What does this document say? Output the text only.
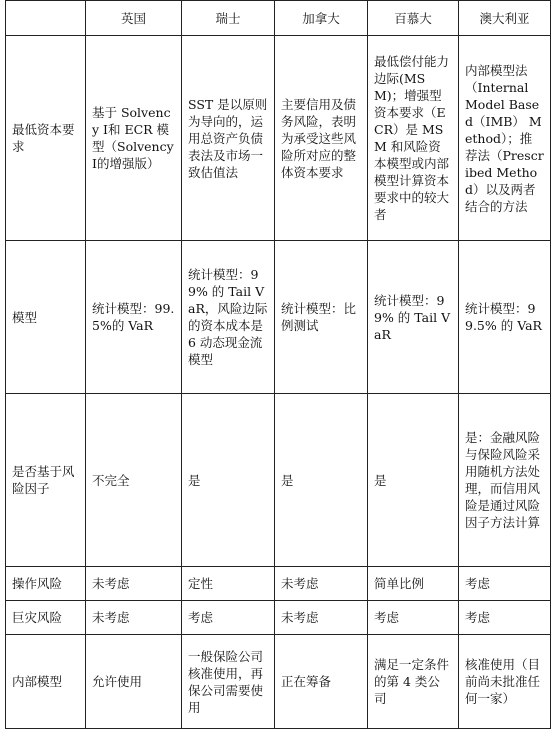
	英国	瑞士	加拿大	百慕大	澳大利亚
最低资本要求	基于 Solvency Ⅰ和 ECR 模型（Solvency Ⅰ的增强版）	SST 是以原则为导向的，运用总资产负债表法及市场一致估值法	主要信用及债务风险，表明为承受这些风险所对应的整体资本要求	最低偿付能力边际(MSM)；增强型资本要求（ECR）是 MSM 和风险资本模型或内部模型计算资本要求中的较大者	内部模型法（Internal Model Based（IMB） Method）；推荐法（Prescribed Method）以及两者结合的方法
模型	统计模型：99.5%的 VaR	统计模型：99% 的 Tail VaR，风险边际的资本成本是 6 动态现金流模型	统计模型：比例测试	统计模型：99% 的 Tail VaR	统计模型：99.5% 的 VaR
是否基于风险因子	不完全	是	是	是	是：金融风险与保险风险采用随机方法处理，而信用风险是通过风险因子方法计算
操作风险	未考虑	定性	未考虑	简单比例	考虑
巨灾风险	未考虑	考虑	未考虑	考虑	考虑
内部模型	允许使用	一般保险公司核准使用，再保公司需要使用	正在筹备	满足一定条件的第 4 类公司	核准使用（目前尚未批准任何一家）
